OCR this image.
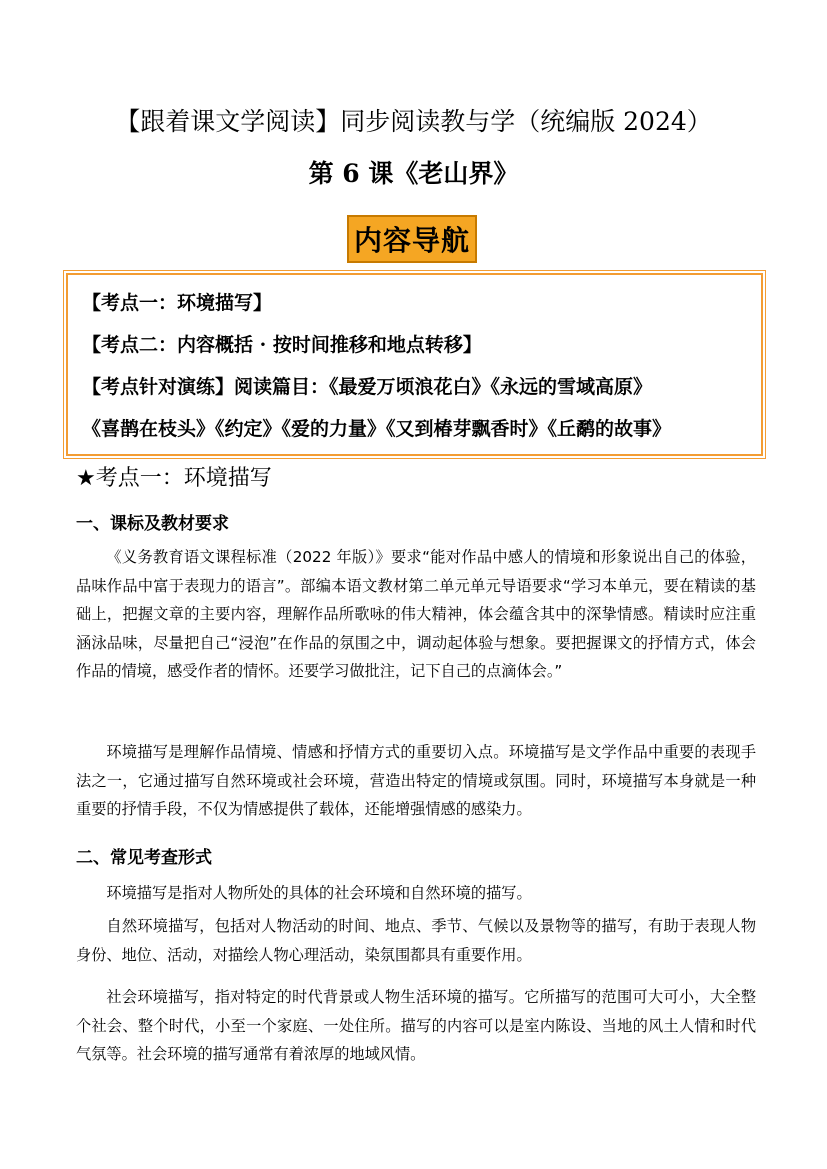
【跟着课文学阅读】同步阅读教与学（统编版 2024）
第 6 课《老山界》
内容导航
【考点一：环境描写】
【考点二：内容概括 · 按时间推移和地点转移】
【考点针对演练】阅读篇目：《最爱万顷浪花白》《永远的雪域高原》
《喜鹊在枝头》《约定》《爱的力量》《又到椿芽飘香时》《丘鹬的故事》
★考点一：环境描写
一、课标及教材要求

《义务教育语文课程标准（2022 年版）》要求“能对作品中感人的情境和形象说出自己的体验，品味作品中富于表现力的语言”。部编本语文教材第二单元单元导语要求“学习本单元，要在精读的基础上，把握文章的主要内容，理解作品所歌咏的伟大精神，体会蕴含其中的深挚情感。精读时应注重涵泳品味，尽量把自己“浸泡”在作品的氛围之中，调动起体验与想象。要把握课文的抒情方式，体会作品的情境，感受作者的情怀。还要学习做批注，记下自己的点滴体会。”

环境描写是理解作品情境、情感和抒情方式的重要切入点。环境描写是文学作品中重要的表现手法之一，它通过描写自然环境或社会环境，营造出特定的情境或氛围。同时，环境描写本身就是一种重要的抒情手段，不仅为情感提供了载体，还能增强情感的感染力。

二、常见考查形式

环境描写是指对人物所处的具体的社会环境和自然环境的描写。

自然环境描写，包括对人物活动的时间、地点、季节、气候以及景物等的描写，有助于表现人物身份、地位、活动，对描绘人物心理活动，染氛围都具有重要作用。

社会环境描写，指对特定的时代背景或人物生活环境的描写。它所描写的范围可大可小，大全整个社会、整个时代，小至一个家庭、一处住所。描写的内容可以是室内陈设、当地的风土人情和时代气氛等。社会环境的描写通常有着浓厚的地域风情。
